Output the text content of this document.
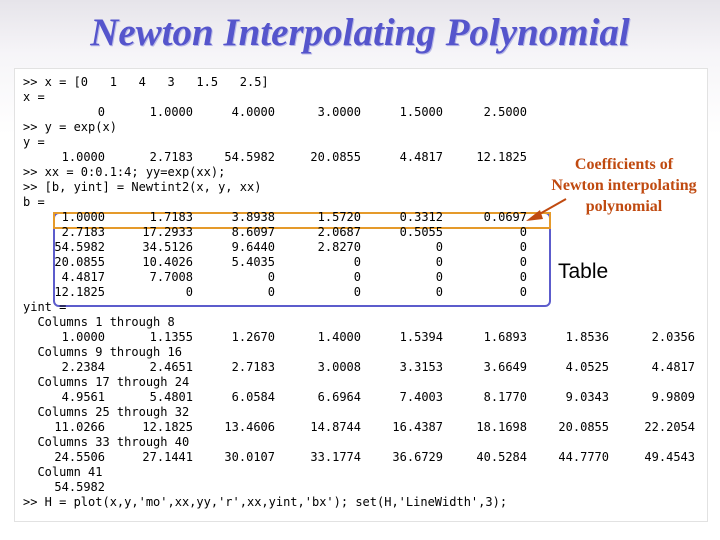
Newton Interpolating Polynomial
>> x = [0   1   4   3   1.5   2.5]
x =
0	1.0000	4.0000	3.0000	1.5000	2.5000
>> y = exp(x)
y =
1.0000	2.7183	54.5982	20.0855	4.4817	12.1825
>> xx = 0:0.1:4; yy=exp(xx);
>> [b, yint] = Newtint2(x, y, xx)
b =
1.0000	1.7183	3.8938	1.5720	0.3312	0.0697
2.7183	17.2933	8.6097	2.0687	0.5055	0
54.5982	34.5126	9.6440	2.8270	0	0
20.0855	10.4026	5.4035	0	0	0
4.4817	7.7008	0	0	0	0
12.1825	0	0	0	0	0
yint =
Columns 1 through 8
1.0000	1.1355	1.2670	1.4000	1.5394	1.6893	1.8536	2.0356
Columns 9 through 16
2.2384	2.4651	2.7183	3.0008	3.3153	3.6649	4.0525	4.4817
Columns 17 through 24
4.9561	5.4801	6.0584	6.6964	7.4003	8.1770	9.0343	9.9809
Columns 25 through 32
11.0266	12.1825	13.4606	14.8744	16.4387	18.1698	20.0855	22.2054
Columns 33 through 40
24.5506	27.1441	30.0107	33.1774	36.6729	40.5284	44.7770	49.4543
Column 41
54.5982
>> H = plot(x,y,'mo',xx,yy,'r',xx,yint,'bx'); set(H,'LineWidth',3);
Coefficients of
Newton interpolating
polynomial
Table
